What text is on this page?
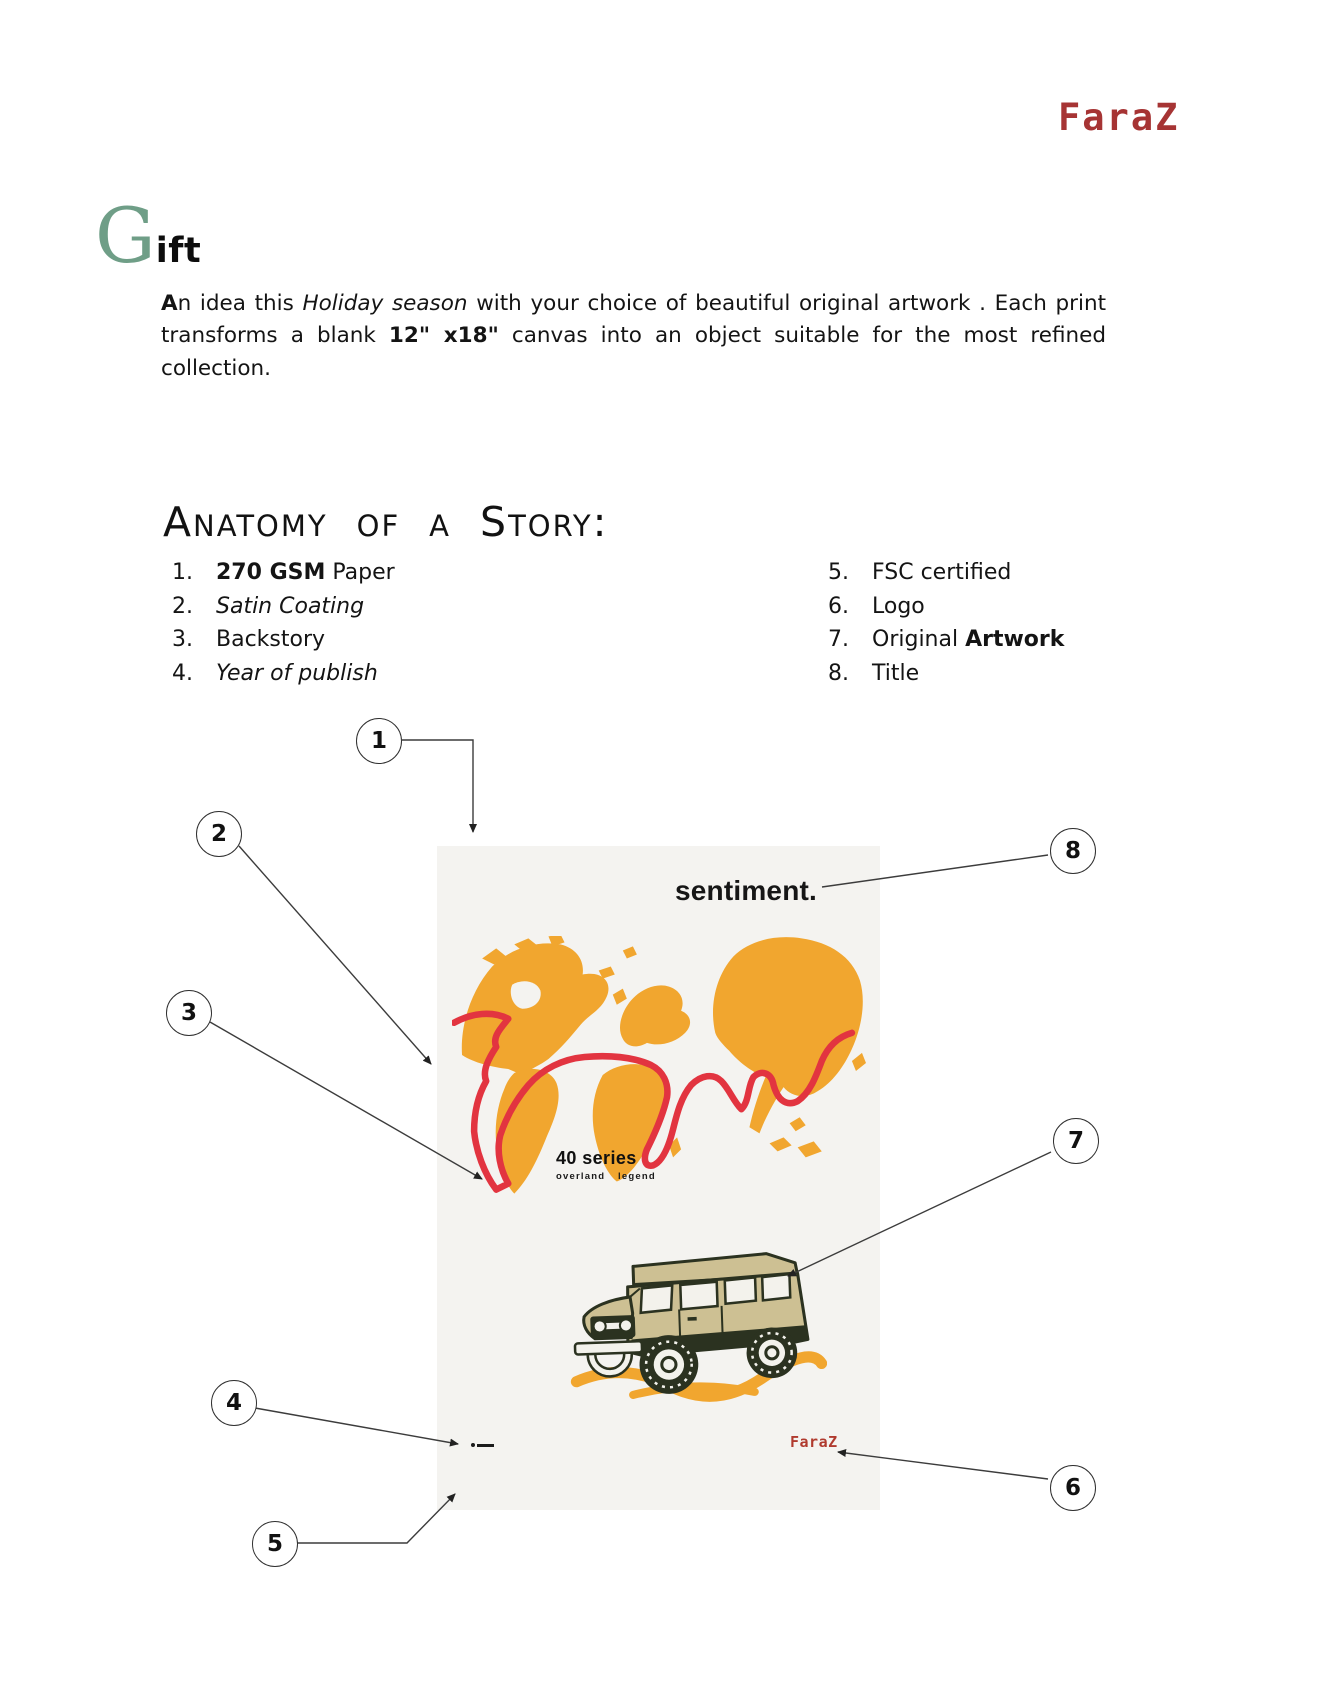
FaraZ
Gift

An idea this Holiday season with your choice of beautiful original artwork . Each print transforms a blank 12" x18" canvas into an object suitable for the most refined collection.

Anatomy of a Story:
1.	270 GSM Paper
2.	Satin Coating
3.	Backstory
4.	Year of publish
5.	FSC certified
6.	Logo
7.	Original Artwork
8.	Title
sentiment.
40 series
overland legend
FaraZ
1
2
3
4
5
6
7
8
